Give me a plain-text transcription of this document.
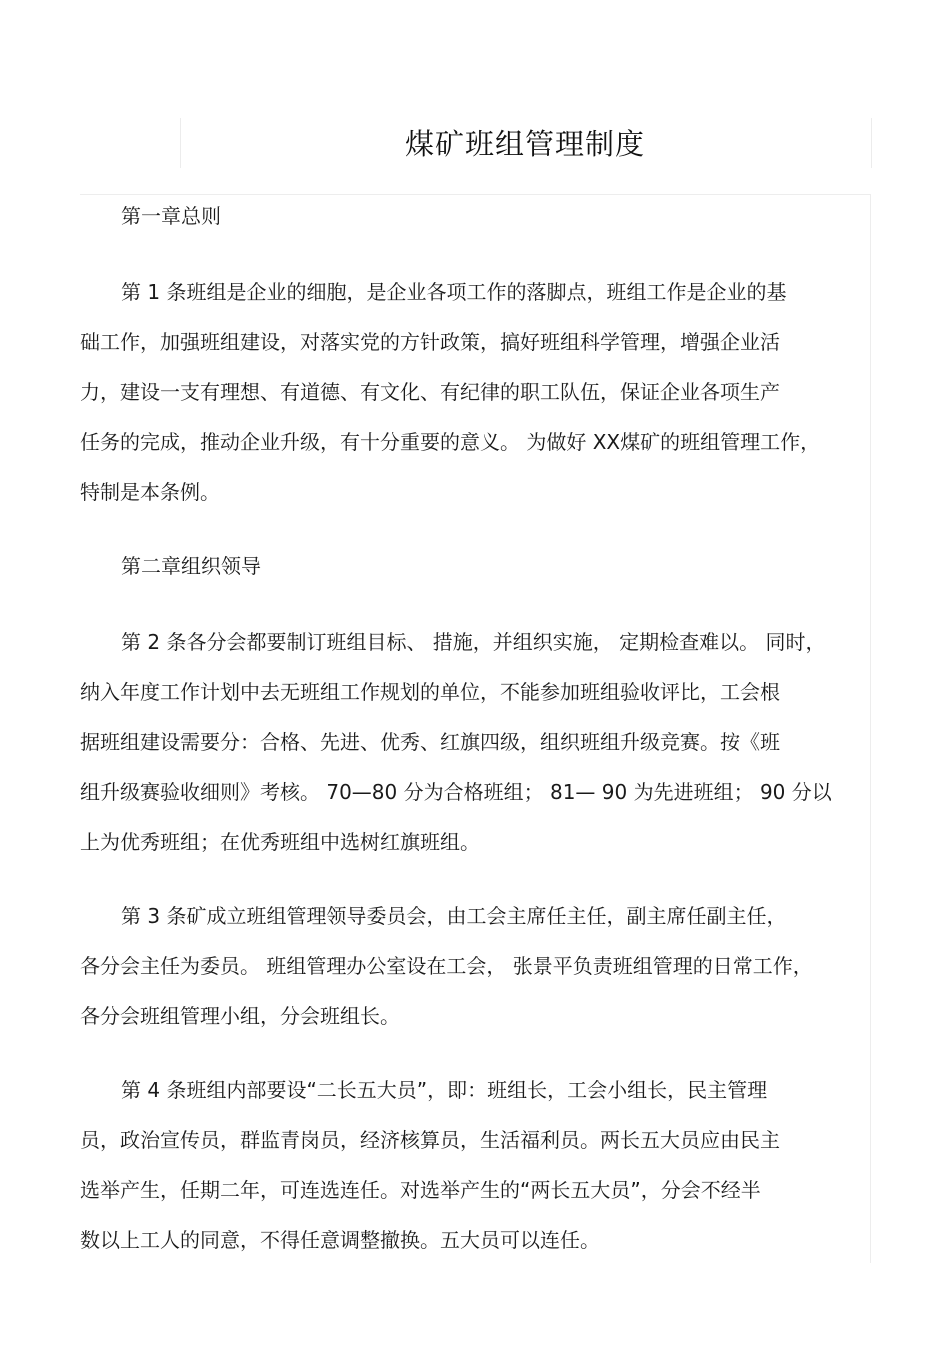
煤矿班组管理制度

第一章总则

第 1 条班组是企业的细胞，是企业各项工作的落脚点，班组工作是企业的基

础工作，加强班组建设，对落实党的方针政策，搞好班组科学管理，增强企业活

力，建设一支有理想、有道德、有文化、有纪律的职工队伍，保证企业各项生产

任务的完成，推动企业升级，有十分重要的意义。 为做好 XX煤矿的班组管理工作，

特制是本条例。

第二章组织领导

第 2 条各分会都要制订班组目标、 措施，并组织实施， 定期检查难以。 同时，

纳入年度工作计划中去无班组工作规划的单位，不能参加班组验收评比，工会根

据班组建设需要分：合格、先进、优秀、红旗四级，组织班组升级竞赛。按《班

组升级赛验收细则》考核。 70—80 分为合格班组； 81— 90 为先进班组； 90 分以

上为优秀班组；在优秀班组中选树红旗班组。

第 3 条矿成立班组管理领导委员会，由工会主席任主任，副主席任副主任，

各分会主任为委员。 班组管理办公室设在工会， 张景平负责班组管理的日常工作，

各分会班组管理小组，分会班组长。

第 4 条班组内部要设“二长五大员”，即：班组长，工会小组长，民主管理

员，政治宣传员，群监青岗员，经济核算员，生活福利员。两长五大员应由民主

选举产生，任期二年，可连选连任。对选举产生的“两长五大员”，分会不经半

数以上工人的同意，不得任意调整撤换。五大员可以连任。
